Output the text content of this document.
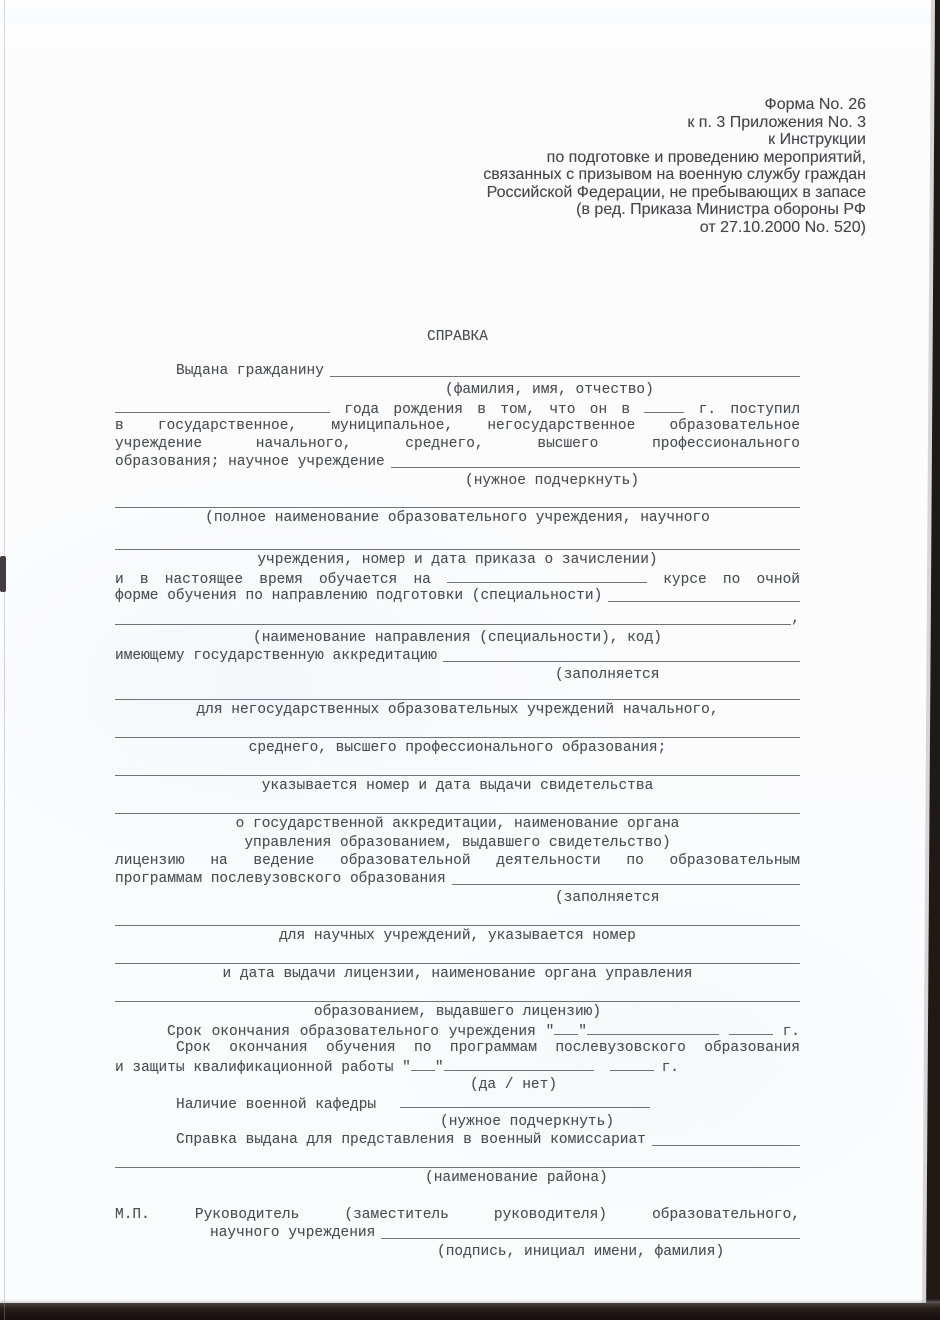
Форма No. 26
к п. 3 Приложения No. 3
к Инструкции
по подготовке и проведению мероприятий,
связанных с призывом на военную службу граждан
Российской Федерации, не пребывающих в запасе
(в ред. Приказа Министра обороны РФ
от 27.10.2000 No. 520)
СПРАВКА
Выдана гражданину
(фамилия, имя, отчество)
года рождения в том, что он в	г. поступил
в государственное, муниципальное, негосударственное образовательное
учреждение начального, среднего, высшего профессионального
образования; научное учреждение
(нужное подчеркнуть)
(полное наименование образовательного учреждения, научного
учреждения, номер и дата приказа о зачислении)
и в настоящее время обучается на	курсе по очной
форме обучения по направлению подготовки (специальности)
,
(наименование направления (специальности), код)
имеющему государственную аккредитацию
(заполняется
для негосударственных образовательных учреждений начального,
среднего, высшего профессионального образования;
указывается номер и дата выдачи свидетельства
о государственной аккредитации, наименование органа
управления образованием, выдавшего свидетельство)
лицензию на ведение образовательной деятельности по образовательным
программам послевузовского образования
(заполняется
для научных учреждений, указывается номер
и дата выдачи лицензии, наименование органа управления
образованием, выдавшего лицензию)
Срок окончания образовательного учреждения " "	г.
Срок окончания обучения по программам послевузовского образования
и защиты квалификационной работы " "	г.
(да / нет)
Наличие военной кафедры
(нужное подчеркнуть)
Справка выдана для представления в военный комиссариат
(наименование района)
М.П.	Руководитель (заместитель руководителя) образовательного,
научного учреждения
(подпись, инициал имени, фамилия)
